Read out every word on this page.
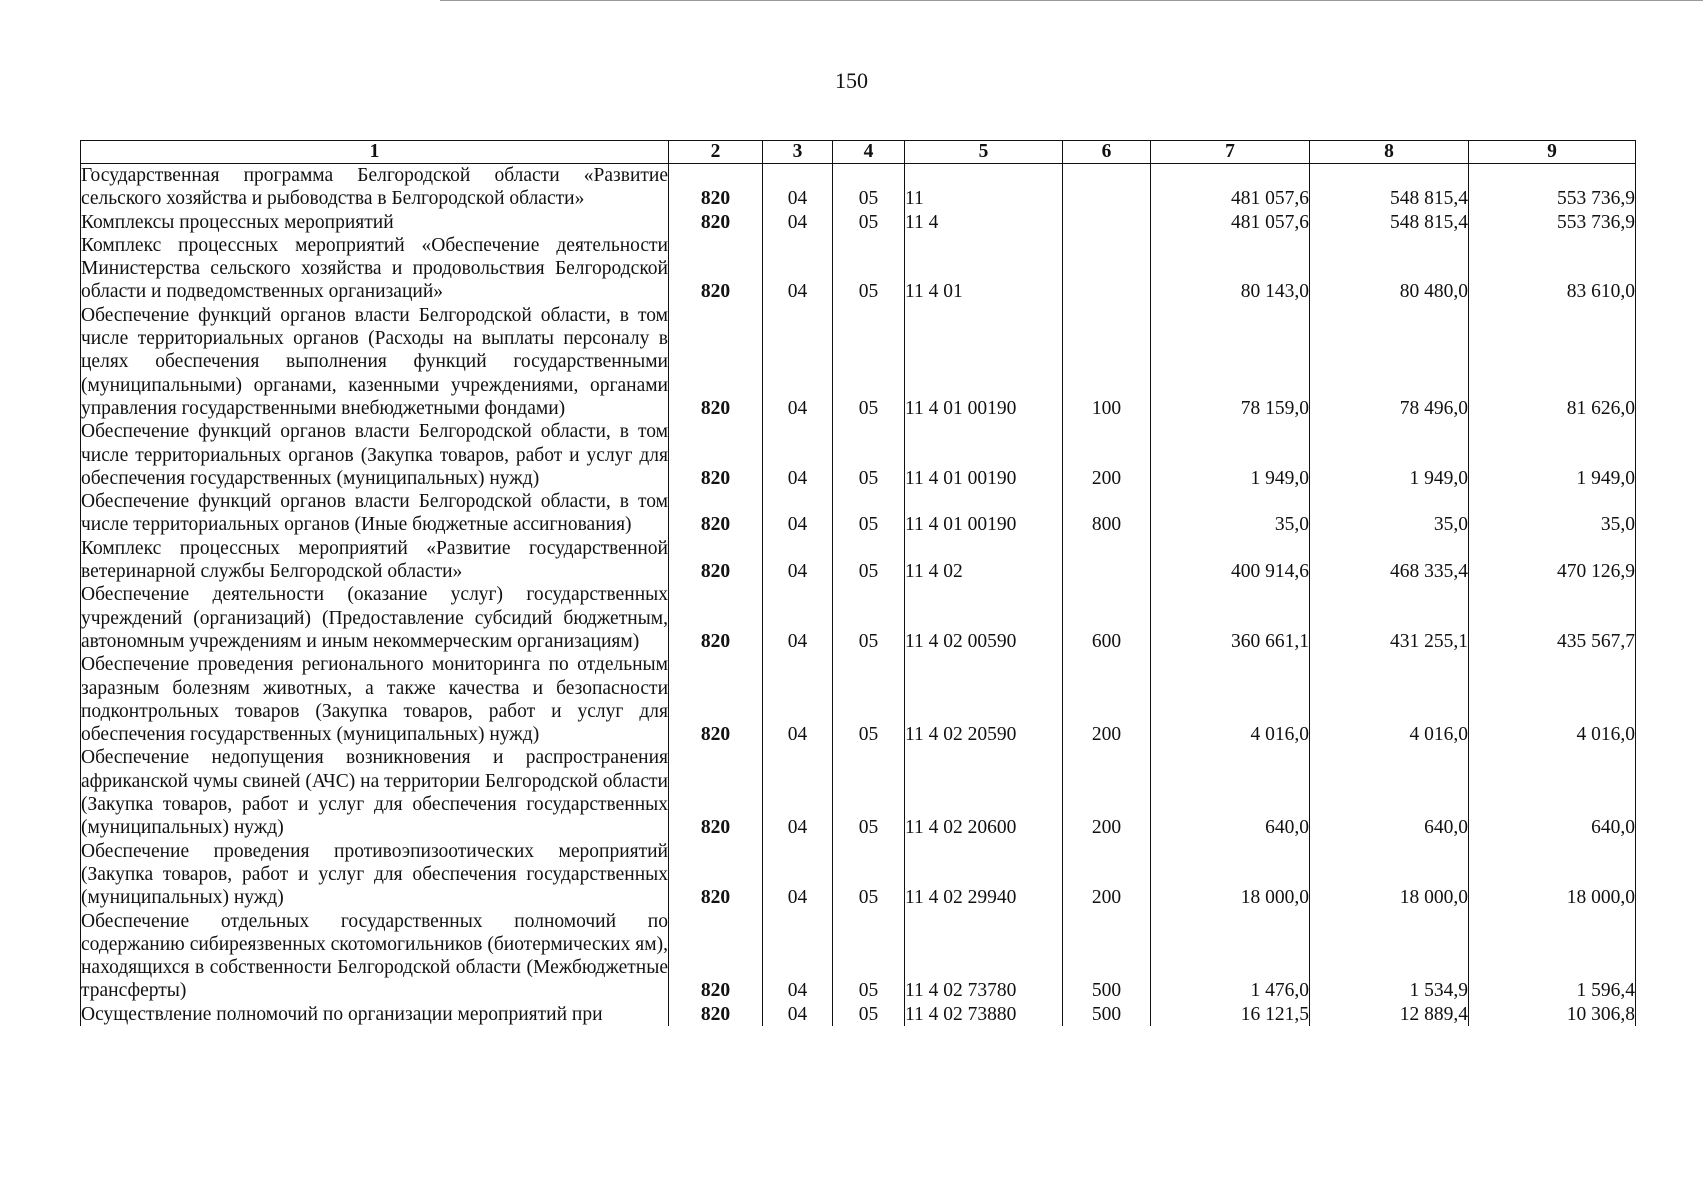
150
1	2	3	4	5	6	7	8	9
Государственная программа Белгородской области «Развитие сельского хозяйства и рыбоводства в Белгородской области»	820	04	05	11		481 057,6	548 815,4	553 736,9
Комплексы процессных мероприятий	820	04	05	11 4		481 057,6	548 815,4	553 736,9
Комплекс процессных мероприятий «Обеспечение деятельности Министерства сельского хозяйства и продовольствия Белгородской области и подведомственных организаций»	820	04	05	11 4 01		80 143,0	80 480,0	83 610,0
Обеспечение функций органов власти Белгородской области, в том числе территориальных органов (Расходы на выплаты персоналу в целях обеспечения выполнения функций государственными (муниципальными) органами, казенными учреждениями, органами управления государственными внебюджетными фондами)	820	04	05	11 4 01 00190	100	78 159,0	78 496,0	81 626,0
Обеспечение функций органов власти Белгородской области, в том числе территориальных органов (Закупка товаров, работ и услуг для обеспечения государственных (муниципальных) нужд)	820	04	05	11 4 01 00190	200	1 949,0	1 949,0	1 949,0
Обеспечение функций органов власти Белгородской области, в том числе территориальных органов (Иные бюджетные ассигнования)	820	04	05	11 4 01 00190	800	35,0	35,0	35,0
Комплекс процессных мероприятий «Развитие государственной ветеринарной службы Белгородской области»	820	04	05	11 4 02		400 914,6	468 335,4	470 126,9
Обеспечение деятельности (оказание услуг) государственных учреждений (организаций) (Предоставление субсидий бюджетным, автономным учреждениям и иным некоммерческим организациям)	820	04	05	11 4 02 00590	600	360 661,1	431 255,1	435 567,7
Обеспечение проведения регионального мониторинга по отдельным заразным болезням животных, а также качества и безопасности подконтрольных товаров (Закупка товаров, работ и услуг для обеспечения государственных (муниципальных) нужд)	820	04	05	11 4 02 20590	200	4 016,0	4 016,0	4 016,0
Обеспечение недопущения возникновения и распространения африканской чумы свиней (АЧС) на территории Белгородской области (Закупка товаров, работ и услуг для обеспечения государственных (муниципальных) нужд)	820	04	05	11 4 02 20600	200	640,0	640,0	640,0
Обеспечение проведения противоэпизоотических мероприятий (Закупка товаров, работ и услуг для обеспечения государственных (муниципальных) нужд)	820	04	05	11 4 02 29940	200	18 000,0	18 000,0	18 000,0
Обеспечение отдельных государственных полномочий по содержанию сибиреязвенных скотомогильников (биотермических ям), находящихся в собственности Белгородской области (Межбюджетные трансферты)	820	04	05	11 4 02 73780	500	1 476,0	1 534,9	1 596,4
Осуществление полномочий по организации мероприятий при	820	04	05	11 4 02 73880	500	16 121,5	12 889,4	10 306,8
